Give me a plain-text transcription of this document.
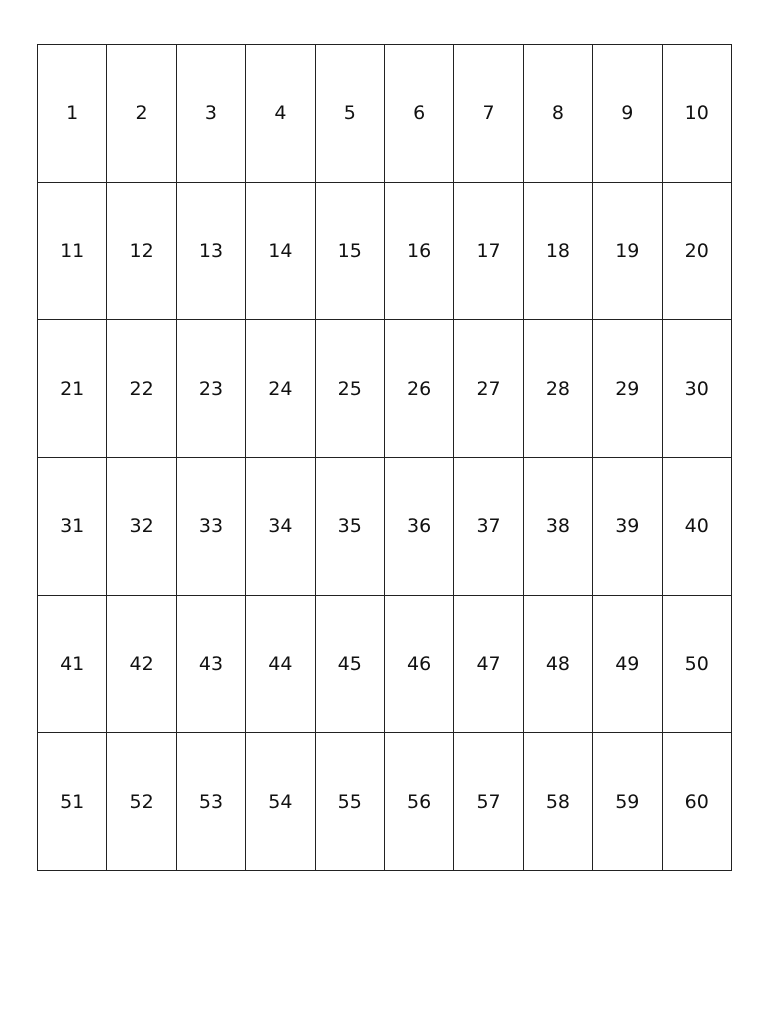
1	2	3	4	5	6	7	8	9	10
11	12	13	14	15	16	17	18	19	20
21	22	23	24	25	26	27	28	29	30
31	32	33	34	35	36	37	38	39	40
41	42	43	44	45	46	47	48	49	50
51	52	53	54	55	56	57	58	59	60
